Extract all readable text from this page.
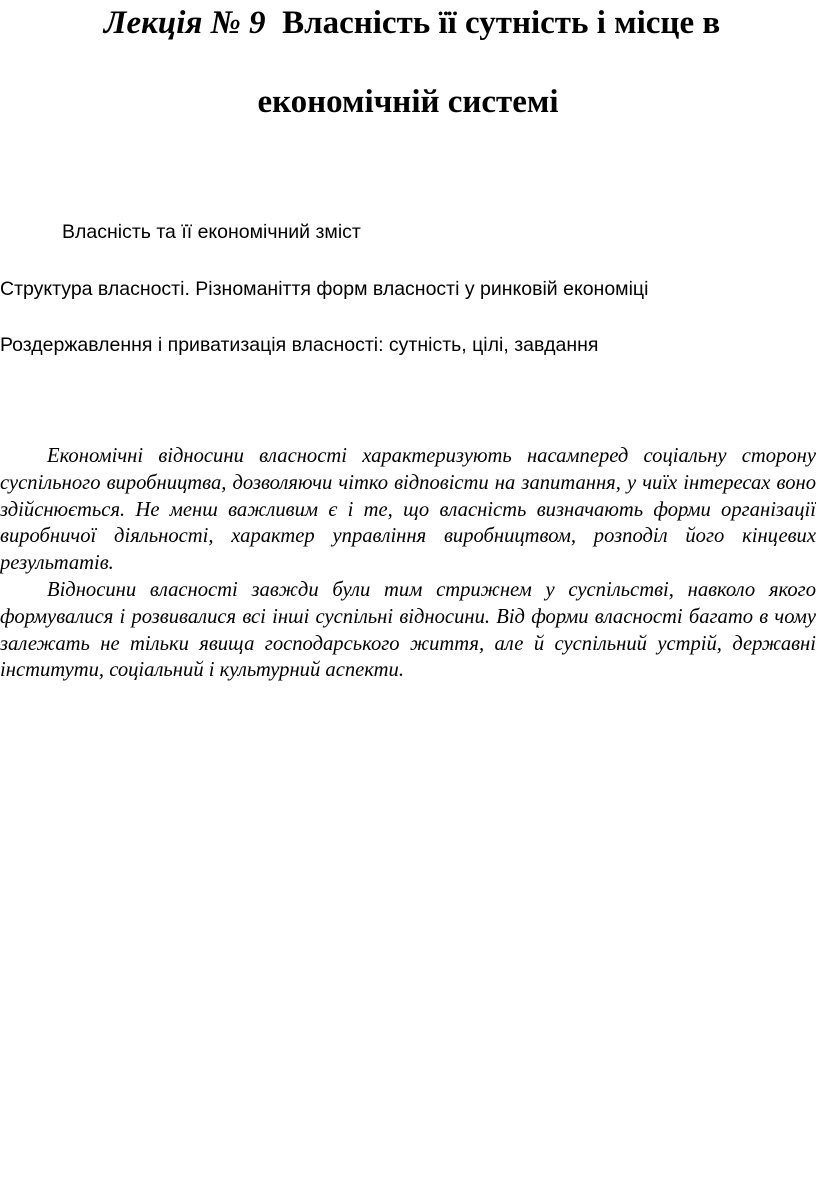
Лекція № 9 Власність її сутність і місце в
економічній системі
Власність та її економічний зміст
Структура власності. Різноманіття форм власності у ринковій економіці
Роздержавлення і приватизація власності: сутність, цілі, завдання

Економічні відносини власності характеризують насамперед соціальну сторону суспільного виробництва, дозволяючи чітко відповісти на запитання, у чиїх інтересах воно здійснюється. Не менш важливим є і те, що власність визначають форми організації виробничої діяльності, характер управління виробництвом, розподіл його кінцевих результатів.

Відносини власності завжди були тим стрижнем у суспільстві, навколо якого формувалися і розвивалися всі інші суспільні відносини. Від форми власності багато в чому залежать не тільки явища господарського життя, але й суспільний устрій, державні інститути, соціальний і культурний аспекти.
